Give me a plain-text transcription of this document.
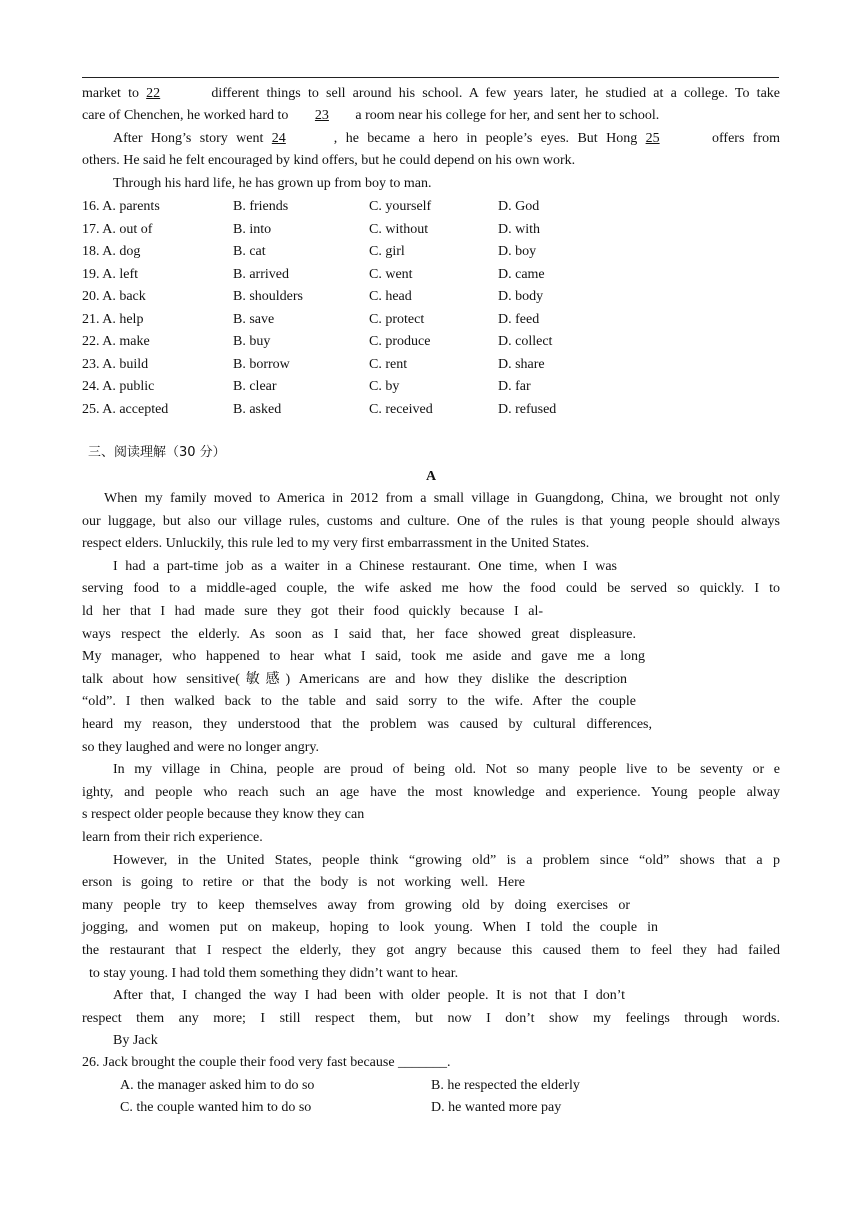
market to 22	different things to sell around his school. A few years later, he studied at a college. To take
care of Chenchen, he worked hard to 23 a room near his college for her, and sent her to school.
After Hong’s story went 24	, he became a hero in people’s eyes. But Hong 25	offers from
others. He said he felt encouraged by kind offers, but he could depend on his own work.
Through his hard life, he has grown up from boy to man.
16. A. parents	B. friends	C. yourself	D. God
17. A. out of	B. into	C. without	D. with
18. A. dog	B. cat	C. girl	D. boy
19. A. left	B. arrived	C. went	D. came
20. A. back	B. shoulders	C. head	D. body
21. A. help	B. save	C. protect	D. feed
22. A. make	B. buy	C. produce	D. collect
23. A. build	B. borrow	C. rent	D. share
24. A. public	B. clear	C. by	D. far
25. A. accepted	B. asked	C. received	D. refused
三、阅读理解（30 分）
A
When my family moved to America in 2012 from a small village in Guangdong, China, we brought not only
our luggage, but also our village rules, customs and culture. One of the rules is that young people should always
respect elders. Unluckily, this rule led to my very first embarrassment in the United States.
I had a part-time job as a waiter in a Chinese restaurant. One time, when I was
serving food to a middle-aged couple, the wife asked me how the food could be served so quickly. I to
ld her that I had made sure they got their food quickly because I al-
ways respect the elderly. As soon as I said that, her face showed great displeasure.
My manager, who happened to hear what I said, took me aside and gave me a long
talk about how sensitive(敏感) Americans are and how they dislike the description
“old”. I then walked back to the table and said sorry to the wife. After the couple
heard my reason, they understood that the problem was caused by cultural differences,
so they laughed and were no longer angry.
In my village in China, people are proud of being old. Not so many people live to be seventy or e
ighty, and people who reach such an age have the most knowledge and experience. Young people alway
s respect older people because they know they can
learn from their rich experience.
However, in the United States, people think “growing old” is a problem since “old” shows that a p
erson is going to retire or that the body is not working well. Here
many people try to keep themselves away from growing old by doing exercises or
jogging, and women put on makeup, hoping to look young. When I told the couple in
the restaurant that I respect the elderly, they got angry because this caused them to feel they had failed
to stay young. I had told them something they didn’t want to hear.
After that, I changed the way I had been with older people. It is not that I don’t
respect them any more; I still respect them, but now I don’t show my feelings through words.
By Jack
26. Jack brought the couple their food very fast because _______.
A. the manager asked him to do so	B. he respected the elderly
C. the couple wanted him to do so	D. he wanted more pay
